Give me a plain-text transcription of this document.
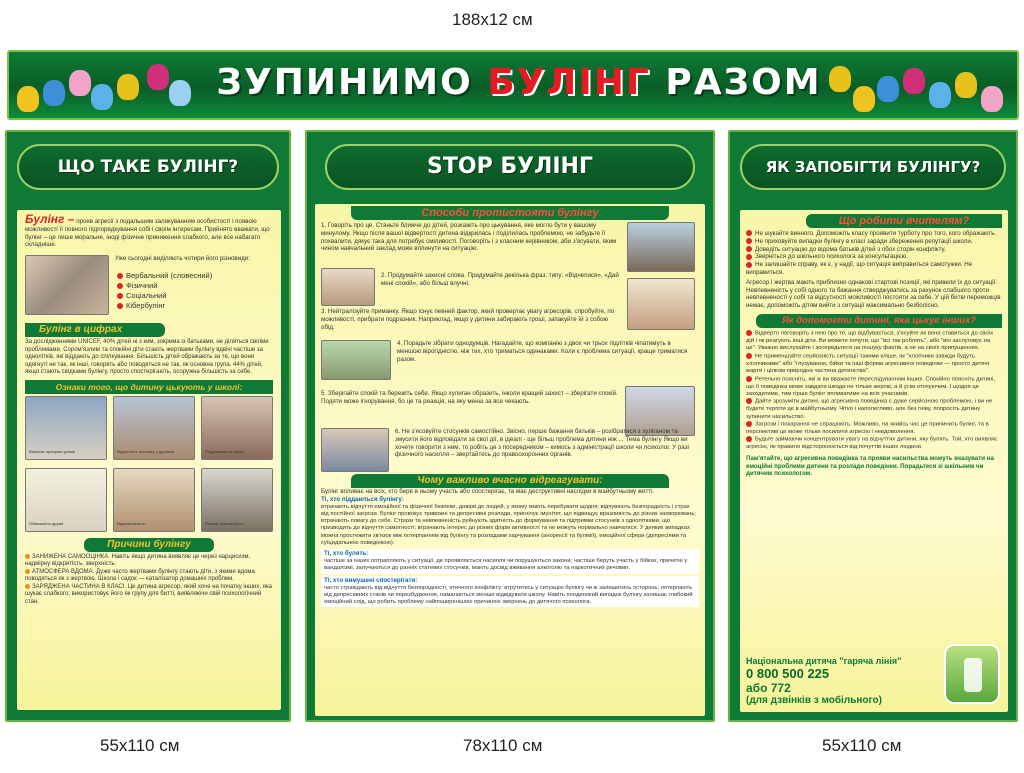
188x12 см
ЗУПИНИМО БУЛІНГ РАЗОМ
ЩО ТАКЕ БУЛІНГ?
Булінг – прояв агресії з подальшим залякуванням особистості і появою можливості її повного підпорядкування собі і своїм інтересам. Прийнято вважати, що булінг – це лише моральне, іноді фізичне приниження слабкого, але все набагато складніше.
Уже сьогодні виділяють чотири його різновиди:
Вербальний (словесний)
Фізичний
Соціальний
Кібербулінг
Булінг в цифрах
За дослідженнями UNICEF, 40% дітей ні з ким, зокрема із батьками, не діляться своїми проблемами. Сором'язливі та спокійні діти стають жертвами булінгу вдвічі частіше за однолітків, які віддають до спілкування. Більшість дітей ображають за те, що вони одягнуті не так, як інші, говорять або поводяться не так, як основна група. 44% дітей, якщо стають свідками булінгу, просто спостерігають, осоружна більшість за себе.
Ознаки того, що дитину цькують у школі:
Вилучає пропуски уроків	Відсутність контакту з друзями	Подразливість через ...
Обмеження друзів	Відмовляється...	Погане самопочуття
Причини булінгу
ЗАНИЖЕНА САМООЦІНКА. Навіть якщо дитина виявляє це через нарцисизм, надмірну відкритість, зверхність.
АТМОСФЕРА ВДОМА. Дуже часто жертвами булінгу стають діти, з якими вдома поводяться як з жертвою. Школа і садок — каталізатор домашніх проблем.
ЗАРЯДЖЕНА ЧАСТИНА В КЛАСІ. Це дитина агресор, який хоче на початку інших, яка шукає слабкого, використовує його як групу для битті, виявляючи свій психологічний стан.
STOP БУЛІНГ
Способи протистояти булінгу
1. Говоріть про це. Станьте ближче до дітей, розкажіть про цькування, яке могло бути у вашому минулому. Якщо після вашої відвертості дитина відкрилась і поділилась проблемою, не забудьте її похвалити, дякує така для потребує сміливості. Поговоріть і з класним керівником, аби з'ясувати, яким чином навчальний заклад може вплинути на ситуацію.
2. Продумайте захисні слова. Придумайте декілька фраз, типу: «Відчепися», «Дай мені спокій», або більш влучні.
3. Нейтралізуйте приманку. Якщо існує певний фактор, який провертає увагу агресорів, спробуйте, по можливості, прибрати подразник. Наприклад, якщо у дитини забирають гроші, запакуйте їй з собою обід.
4. Порадьте зібрати однодумців. Нагадайте, що компанію з двох чи трьох підлітків чіпатимуть в меншою вірогідністю, ніж тих, хто триматься одинаками. Коли є проблема ситуації, краще триматися разом.
5. Зберігайте спокій та бережіть себе. Якщо хулиган образить, інколи кращий захист – зберігати спокій. Подяти може ігнорування, бо це та реакція, на яку менш за все чекають.
6. Не з'ясовуйте стосунків самостійно. Звісно, перше бажання батьків – розібратися з хуліганом та змусити його відповідати за свої дії, в ідеалі - ще більш проблема дитини ніж ... Тема булінгу Якщо ви хочете говорити з ним, то робіть це з посередником – кимось з адміністрації школи чи психолог. У разі фізичного насилля – звертайтесь до правоохоронних органів.
Чому важливо вчасно відреагувати:
Булінг впливає на всіх, хто бере в ньому участь або спостерігає, та має деструктивні наслідки в майбутньому житті.
Ті, хто піддаються булінгу:
втрачають відчуття емоційної та фізичної безпеки, довіри до людей, у якому мають перебувати щодня; відчувають безпорадність і страх від постійної загрози. Булінг провокує тривожні та депресивні розлади, пригнічує імунітет, що підвищує вразливість до різних захворювань; втрачають повагу до себе. Страхи та невпевненість руйнують здатність до формування та підтримки стосунків з однолітками, що призводить до відчуття самотності; втрачають інтерес до різних форм активності та не можуть нормально навчатися. У деяких випадках можна простежити зв'язок між потерпанням від булінгу та розладами харчування (анорексії та булімії), емоційної сфери (депресіями та суїцидальною поведінкою).
Ті, хто булять:
частіше за інших потрапляють у ситуації, де проявляється насилля чи порушуються закони; частіше беруть участь у бійках, причетні у вандалізмі, залучаються до ранніх статевих стосунків, мають досвід вживання алкоголю та наркотичних речовин.
Ті, хто вимушені спостерігати:
часто страждають від відчуття безпорадності, етичного конфлікту: втрутитись у ситуацію булінгу чи ж залишитись осторонь; потерпають від депресивних станів чи перезбудження, намагаються менше відвідувати школу. Навіть поодинокий випадок булінгу залишає глибокий емоційний слід, що робить проблему найпоширенішою причиною звернень до дитячого психолога.
ЯК ЗАПОБІГТИ БУЛІНГУ?
Що робити вчителям?
Не шукайте винного. Допоможіть класу проявити турботу про того, кого ображають.
Не приховуйте випадки булінгу в класі заради збереження репутації школи.
Доведіть ситуацію до відома батьків дітей з обох сторін конфлікту.
Зверніться до шкільного психолога за консультацією.
Не залишайте справу, як є, у надії, що ситуація виправиться самотужки. Не виправиться.
Агресор і жертва мають приблизно однакові стартові позиції, які привели їх до ситуації. Невпевненість у собі одного та бажання стверджуватись за рахунок слабшого проти невпевненості у собі та відсутності можливості постояти за себе. У цій битві переможців немає, допоможіть дітям вийти з ситуації максимально безболісно.
Як допомогти дитині, яка цькує інших?
Відверто поговоріть з нею про те, що відбувається, з'ясуйте як вона ставиться до своїх дій і як реагують інші діти. Ви можете почути, що "всі так роблять", або "він заслуговує на це". Уважно вислухайте і зосередьтеся на пошуку фактів, а не на своїх припущеннях.
Не применшуйте серйозність ситуації такими кліше, як "хлопчики завжди будуть хлопчиками" або "глузування, бійки та інші форми агресивної поведінки — просто дитячі жарти і цілком природна частина дитинства".
Ретельно поясніть, які ж ви вважаєте переслідуванням інших. Спокійно поясніть дитині, що її поведінка може завдати шкоди не тільки жертві, а й усім оточуючим. І щодня це заходитиме, тим гірше булінг впливатиме на всіх учасників.
Дайте зрозуміти дитині, що агресивна поведінка є дуже серйозною проблемою, і ви не будете терпіти це в майбутньому. Чітко і наполегливо, але без гніву, попросіть дитину зупинити насильство.
Загрози і покарання не спрацюють. Можливо, на якийсь час це припинить булінг, та в перспективі це може тільки посилити агресію і невдоволення.
Будьте займаючи концентрувати увагу на відчуттях дитини, яку булять. Той, хто виявляє агресію, як правило відсторонюється від почуттів інших людини.
Пам'ятайте, що агресивна поведінка та прояви насильства можуть вказувати на емоційні проблеми дитини та розлади поведінки. Порадьтеся зі шкільним чи дитячим психологом.
Національна дитяча "гаряча лінія"
0 800 500 225
або 772
(для дзвінків з мобільного)
55x110 см	78x110 см	55x110 см
